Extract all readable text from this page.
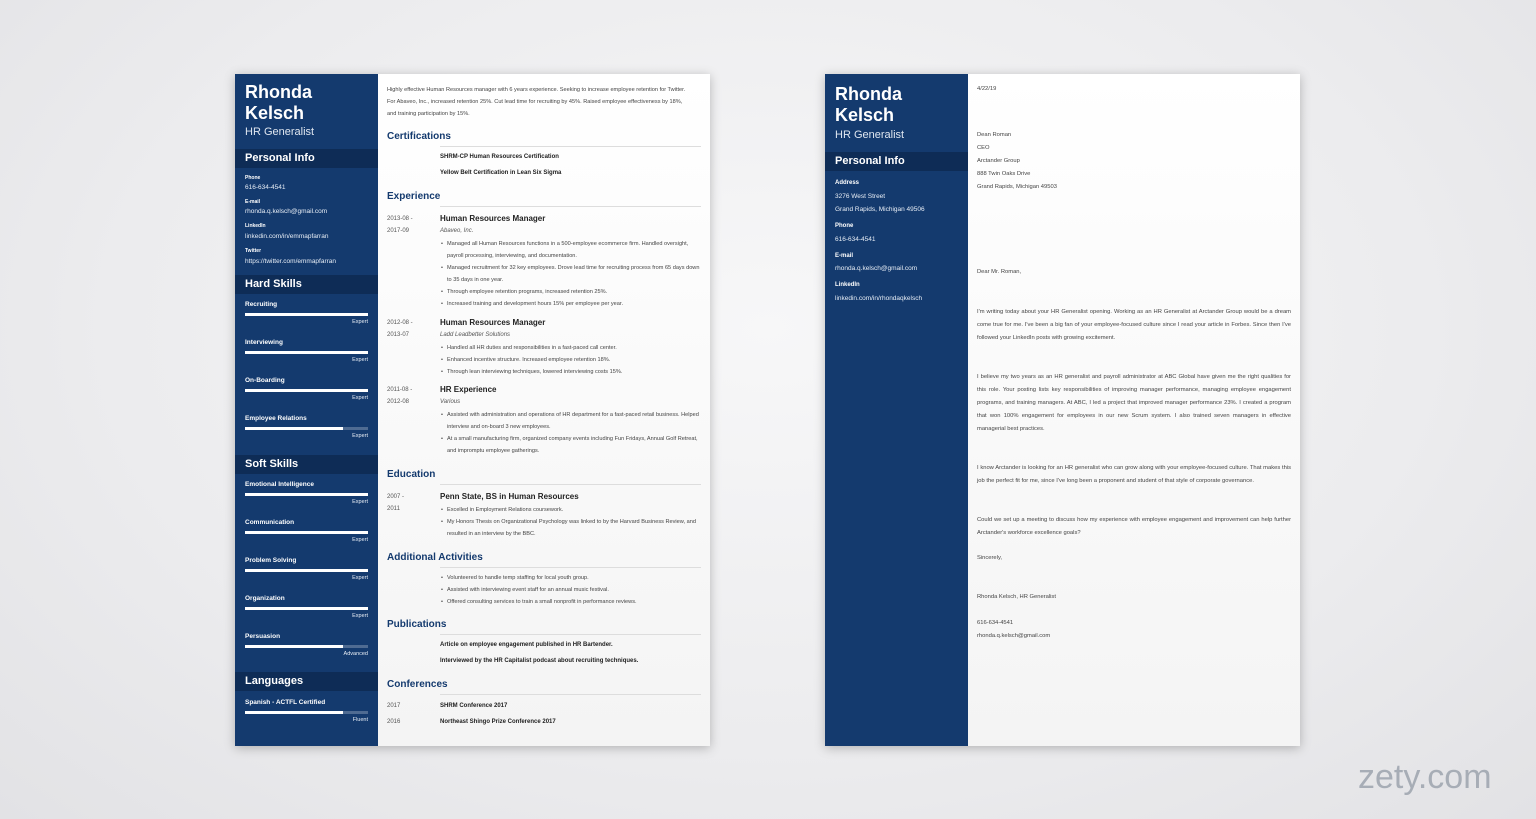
Rhonda
Kelsch
HR Generalist
Personal Info
Phone
616-634-4541
E-mail
rhonda.q.kelsch@gmail.com
LinkedIn
linkedin.com/in/emmapfarran
Twitter
https://twitter.com/emmapfarran
Hard Skills
Recruiting
Expert
Interviewing
Expert
On-Boarding
Expert
Employee Relations
Expert
Soft Skills
Emotional Intelligence
Expert
Communication
Expert
Problem Solving
Expert
Organization
Expert
Persuasion
Advanced
Languages
Spanish - ACTFL Certified
Fluent
Highly effective Human Resources manager with 6 years experience. Seeking to increase employee retention for Twitter. For Abaveo, Inc., increased retention 25%. Cut lead time for recruiting by 45%. Raised employee effectiveness by 18%, and training participation by 15%.
Certifications
SHRM-CP Human Resources Certification
Yellow Belt Certification in Lean Six Sigma
Experience
2013-08 -
2017-09
Human Resources Manager
Abaveo, Inc.
• Managed all Human Resources functions in a 500-employee ecommerce firm. Handled oversight, payroll processing, interviewing, and documentation.
• Managed recruitment for 32 key employees. Drove lead time for recruiting process from 65 days down to 35 days in one year.
• Through employee retention programs, increased retention 25%.
• Increased training and development hours 15% per employee per year.
2012-08 -
2013-07
Human Resources Manager
Ladd Leadbetter Solutions
• Handled all HR duties and responsibilities in a fast-paced call center.
• Enhanced incentive structure. Increased employee retention 18%.
• Through lean interviewing techniques, lowered interviewing costs 15%.
2011-08 -
2012-08
HR Experience
Various
• Assisted with administration and operations of HR department for a fast-paced retail business. Helped interview and on-board 3 new employees.
• At a small manufacturing firm, organized company events including Fun Fridays, Annual Golf Retreat, and impromptu employee gatherings.
Education
2007 -
2011
Penn State, BS in Human Resources
• Excelled in Employment Relations coursework.
• My Honors Thesis on Organizational Psychology was linked to by the Harvard Business Review, and resulted in an interview by the BBC.
Additional Activities
• Volunteered to handle temp staffing for local youth group.
• Assisted with interviewing event staff for an annual music festival.
• Offered consulting services to train a small nonprofit in performance reviews.
Publications
Article on employee engagement published in HR Bartender.
Interviewed by the HR Capitalist podcast about recruiting techniques.
Conferences
2017	SHRM Conference 2017
2016	Northeast Shingo Prize Conference 2017
Rhonda
Kelsch
HR Generalist
Personal Info
Address
3276 West Street
Grand Rapids, Michigan 49506
Phone
616-634-4541
E-mail
rhonda.q.kelsch@gmail.com
LinkedIn
linkedin.com/in/rhondaqkelsch
4/22/19
Dean Roman
CEO
Arctander Group
888 Twin Oaks Drive
Grand Rapids, Michigan 49503
Dear Mr. Roman,
I'm writing today about your HR Generalist opening. Working as an HR Generalist at Arctander Group would be a dream come true for me. I've been a big fan of your employee-focused culture since I read your article in Forbes. Since then I've followed your LinkedIn posts with growing excitement.
I believe my two years as an HR generalist and payroll administrator at ABC Global have given me the right qualities for this role. Your posting lists key responsibilities of improving manager performance, managing employee engagement programs, and training managers. At ABC, I led a project that improved manager performance 23%. I created a program that won 100% engagement for employees in our new Scrum system. I also trained seven managers in effective managerial best practices.
I know Arctander is looking for an HR generalist who can grow along with your employee-focused culture. That makes this job the perfect fit for me, since I've long been a proponent and student of that style of corporate governance.
Could we set up a meeting to discuss how my experience with employee engagement and improvement can help further Arctander's workforce excellence goals?
Sincerely,
Rhonda Kelsch, HR Generalist
616-634-4541
rhonda.q.kelsch@gmail.com
zety.com
